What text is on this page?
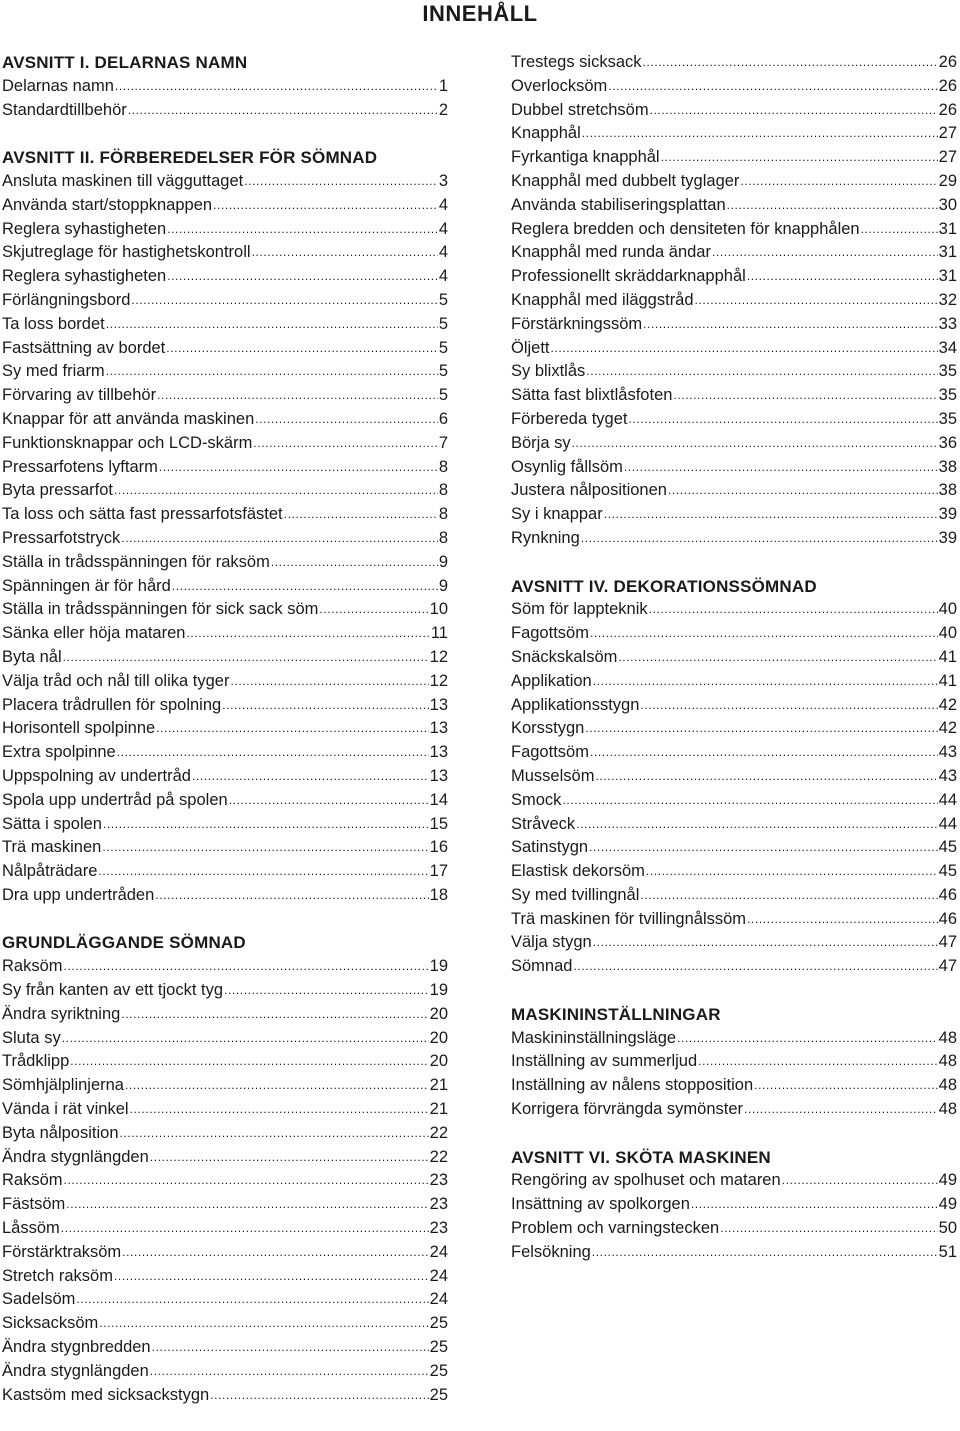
INNEHÅLL
AVSNITT I. DELARNAS NAMN
Delarnas namn .....	1
Standardtillbehör .....	2
AVSNITT II. FÖRBEREDELSER FÖR SÖMNAD
Ansluta maskinen till vägguttaget .....	3
Använda start/stoppknappen .....	4
Reglera syhastigheten .....	4
Skjutreglage för hastighetskontroll .....	4
Reglera syhastigheten .....	4
Förlängningsbord .....	5
Ta loss bordet .....	5
Fastsättning av bordet .....	5
Sy med friarm .....	5
Förvaring av tillbehör .....	5
Knappar för att använda maskinen .....	6
Funktionsknappar och LCD-skärm .....	7
Pressarfotens lyftarm .....	8
Byta pressarfot .....	8
Ta loss och sätta fast pressarfotsfästet .....	8
Pressarfotstryck .....	8
Ställa in trådsspänningen för raksöm .....	9
Spänningen är för hård .....	9
Ställa in trådsspänningen för sick sack söm .....	10
Sänka eller höja mataren .....	11
Byta nål .....	12
Välja tråd och nål till olika tyger .....	12
Placera trådrullen för spolning .....	13
Horisontell spolpinne .....	13
Extra spolpinne .....	13
Uppspolning av undertråd .....	13
Spola upp undertråd på spolen .....	14
Sätta i spolen .....	15
Trä maskinen .....	16
Nålpåträdare .....	17
Dra upp undertråden .....	18
GRUNDLÄGGANDE SÖMNAD
Raksöm .....	19
Sy från kanten av ett tjockt tyg .....	19
Ändra syriktning .....	20
Sluta sy .....	20
Trådklipp .....	20
Sömhjälplinjerna .....	21
Vända i rät vinkel .....	21
Byta nålposition .....	22
Ändra stygnlängden .....	22
Raksöm .....	23
Fästsöm .....	23
Låssöm .....	23
Förstärktraksöm .....	24
Stretch raksöm .....	24
Sadelsöm .....	24
Sicksacksöm .....	25
Ändra stygnbredden .....	25
Ändra stygnlängden .....	25
Kastsöm med sicksackstygn .....	25
Trestegs sicksack .....	26
Overlocksöm .....	26
Dubbel stretchsöm .....	26
Knapphål .....	27
Fyrkantiga knapphål .....	27
Knapphål med dubbelt tyglager .....	29
Använda stabiliseringsplattan .....	30
Reglera bredden och densiteten för knapphålen .....	31
Knapphål med runda ändar .....	31
Professionellt skräddarknapphål .....	31
Knapphål med iläggstråd .....	32
Förstärkningssöm .....	33
Öljett .....	34
Sy blixtlås .....	35
Sätta fast blixtlåsfoten .....	35
Förbereda tyget .....	35
Börja sy .....	36
Osynlig fållsöm .....	38
Justera nålpositionen .....	38
Sy i knappar .....	39
Rynkning .....	39
AVSNITT IV. DEKORATIONSSÖMNAD
Söm för lappteknik .....	40
Fagottsöm .....	40
Snäckskalsöm .....	41
Applikation .....	41
Applikationsstygn .....	42
Korsstygn .....	42
Fagottsöm .....	43
Musselsöm .....	43
Smock .....	44
Stråveck .....	44
Satinstygn .....	45
Elastisk dekorsöm .....	45
Sy med tvillingnål .....	46
Trä maskinen för tvillingnålssöm .....	46
Välja stygn .....	47
Sömnad .....	47
MASKININSTÄLLNINGAR
Maskininställningsläge .....	48
Inställning av summerljud .....	48
Inställning av nålens stopposition .....	48
Korrigera förvrängda symönster .....	48
AVSNITT VI. SKÖTA MASKINEN
Rengöring av spolhuset och mataren .....	49
Insättning av spolkorgen .....	49
Problem och varningstecken .....	50
Felsökning .....	51
